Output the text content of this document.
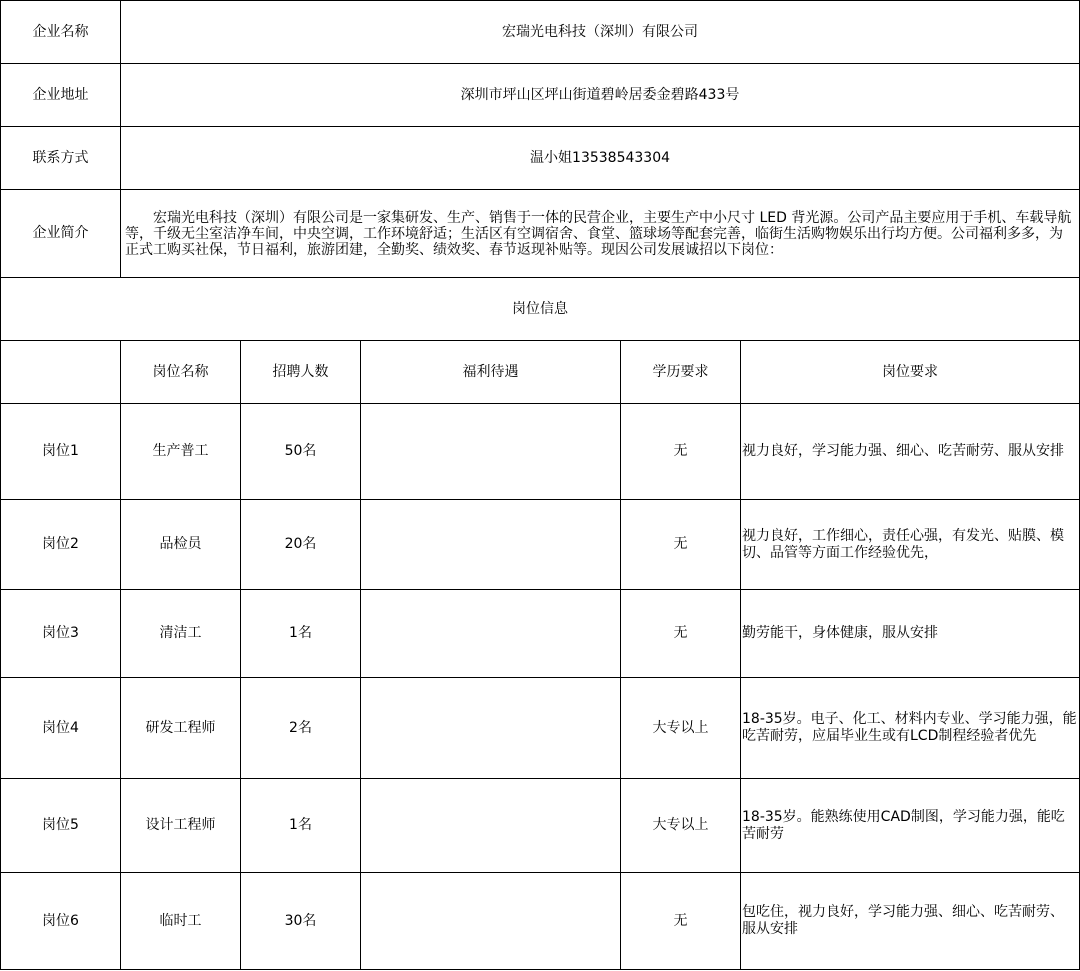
企业名称	宏瑞光电科技（深圳）有限公司				
企业地址	深圳市坪山区坪山街道碧岭居委金碧路433号				
联系方式	温小姐13538543304				
企业简介	宏瑞光电科技（深圳）有限公司是一家集研发、生产、销售于一体的民营企业，主要生产中小尺寸 LED 背光源。公司产品主要应用于手机、车载导航等，千级无尘室洁净车间，中央空调，工作环境舒适；生活区有空调宿舍、食堂、篮球场等配套完善，临街生活购物娱乐出行均方便。公司福利多多，为正式工购买社保，节日福利，旅游团建，全勤奖、绩效奖、春节返现补贴等。现因公司发展诚招以下岗位：				

岗位信息					
	岗位名称	招聘人数	福利待遇	学历要求	岗位要求
岗位1	生产普工	50名		无	视力良好，学习能力强、细心、吃苦耐劳、服从安排
岗位2	品检员	20名		无	视力良好，工作细心，责任心强，有发光、贴膜、模切、品管等方面工作经验优先，
岗位3	清洁工	1名		无	勤劳能干，身体健康，服从安排
岗位4	研发工程师	2名		大专以上	18-35岁。电子、化工、材料内专业、学习能力强，能吃苦耐劳，应届毕业生或有LCD制程经验者优先
岗位5	设计工程师	1名		大专以上	18-35岁。能熟练使用CAD制图，学习能力强，能吃苦耐劳
岗位6	临时工	30名		无	包吃住，视力良好，学习能力强、细心、吃苦耐劳、服从安排
